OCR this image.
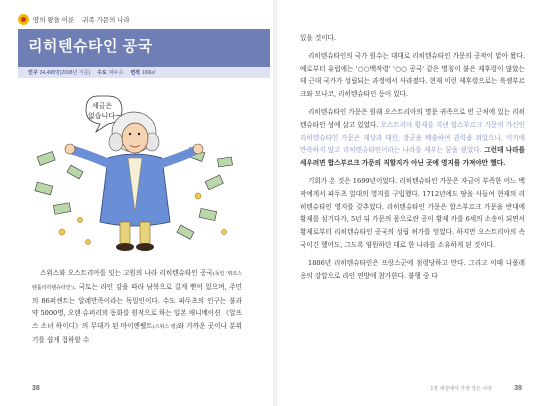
땅의 왕을 이룬
귀족 가문의 나라
리히텐슈타인 공국
인구 34,498명(2008년 기준) 수도 파두츠 면적 160㎢
세금은
없습니다~

스위스와 오스트리아를 잇는 고원의 나라 리히텐슈타인 공국(독일 '퓌르스텐툼리히텐슈타인'). 국토는 라인 강을 따라 남북으로 길게 뻗어 있으며, 주민의 86퍼센트는 알레만족이라는 독일인이다. 수도 파두츠의 인구는 불과 약 5000명, 오랜 슈퍼리의 동화를 원작으로 하는 일본 애니메이션 《알프스 소녀 하이디》의 무대가 된 마이엔펠트(스위스 령)와 가까운 곳이나 분위기를 쉽게 접하할 수

38

있을 것이다.

리히텐슈타인의 국가 원수는 대대로 리히텐슈타인 가문의 공작이 맡아 왔다. 예로부터 유럽에는 '○○백작령' '○○ 공국' 같은 명칭이 붙은 제후령이 많았는데 근대 국가가 성립되는 과정에서 사라졌다. 현재 이런 제후령으로는 룩셈부르크와 모나코, 리히텐슈타인 등이 있다.

리히텐슈타인 가문은 원래 오스트리아의 명문 귀족으로 빈 근처에 있는 리히텐슈타인 성에 살고 있었다. 오스트리아 황제를 지낸 합스부르크 가문의 가신인 리히텐슈타인 가문은 재상과 대신, 장군을 배출하여 권력을 쥐었으나, 이키에 만족하지 않고 리히텐슈타인이라는 나라를 세우는 꿈을 꿨었다. 그런데 나라를 세우려면 합스부르크 가문의 직할지가 아닌 곳에 영지를 가져야만 했다.

기회가 온 것은 1699년이었다. 리히텐슈타인 가문은 자금이 부족한 어느 백작에게서 파두츠 일대의 영지를 구입했다. 1712년에도 땅을 사들여 현재의 리히텐슈타인 영지를 갖추었다. 리히텐슈타인 가문은 합스부르크 가문을 반대에 황제를 섬기다가, 5년 뒤 가문의 몸으로란 공이 황제 카를 6세의 소송이 되면서 황제로부터 리히텐슈타인 공국의 성립 허가를 얻었다. 하지만 오스트리아의 속국이긴 했어도, 그도록 염원하던 대로 한 나라를 소유하게 된 것이다.

1806년 리히텐슈타인은 프랑스군에 점령당하고 만다. 그리고 이때 나폴레옹의 강압으로 라인 연방에 참가한다. 불행 중 다

1장 세상에서 가장 작은 나라	39
